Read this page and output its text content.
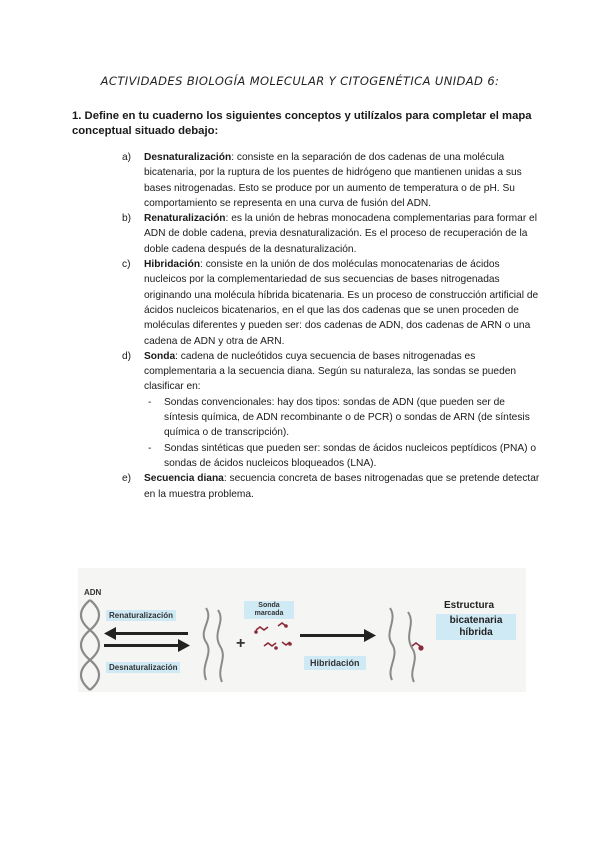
ACTIVIDADES BIOLOGÍA MOLECULAR Y CITOGENÉTICA UNIDAD 6:
1. Define en tu cuaderno los siguientes conceptos y utilízalos para completar el mapa conceptual situado debajo:
a) Desnaturalización: consiste en la separación de dos cadenas de una molécula bicatenaria, por la ruptura de los puentes de hidrógeno que mantienen unidas a sus bases nitrogenadas. Esto se produce por un aumento de temperatura o de pH. Su comportamiento se representa en una curva de fusión del ADN.
b) Renaturalización: es la unión de hebras monocadena complementarias para formar el ADN de doble cadena, previa desnaturalización. Es el proceso de recuperación de la doble cadena después de la desnaturalización.
c) Hibridación: consiste en la unión de dos moléculas monocatenarias de ácidos nucleicos por la complementariedad de sus secuencias de bases nitrogenadas originando una molécula híbrida bicatenaria. Es un proceso de construcción artificial de ácidos nucleicos bicatenarios, en el que las dos cadenas que se unen proceden de moléculas diferentes y pueden ser: dos cadenas de ADN, dos cadenas de ARN o una cadena de ADN y otra de ARN.
d) Sonda: cadena de nucleótidos cuya secuencia de bases nitrogenadas es complementaria a la secuencia diana. Según su naturaleza, las sondas se pueden clasificar en:
- Sondas convencionales: hay dos tipos: sondas de ADN (que pueden ser de síntesis química, de ADN recombinante o de PCR) o sondas de ARN (de síntesis química o de transcripción).
- Sondas sintéticas que pueden ser: sondas de ácidos nucleicos peptídicos (PNA) o sondas de ácidos nucleicos bloqueados (LNA).
e) Secuencia diana: secuencia concreta de bases nitrogenadas que se pretende detectar en la muestra problema.
+
ADN
Renaturalización
Desnaturalización
Sonda
marcada
Hibridación
Estructura
bicatenaria
híbrida
